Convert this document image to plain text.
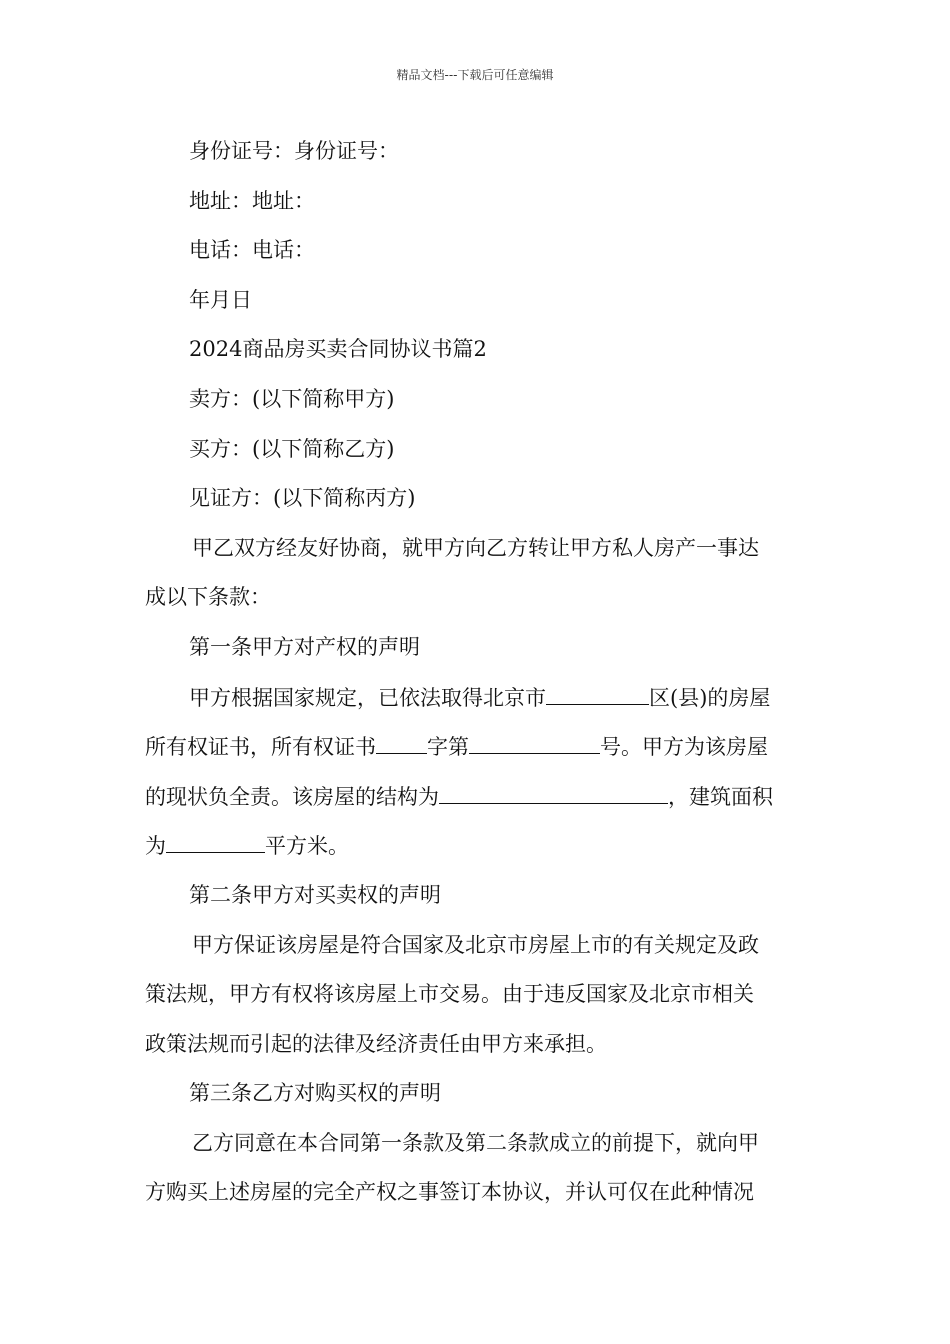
精品文档---下载后可任意编辑
身份证号：身份证号：
地址：地址：
电话：电话：
年月日
2024商品房买卖合同协议书篇2
卖方：(以下简称甲方)
买方：(以下简称乙方)
见证方：(以下简称丙方)
甲乙双方经友好协商，就甲方向乙方转让甲方私人房产一事达
成以下条款：
第一条甲方对产权的声明
甲方根据国家规定，已依法取得北京市	区(县)的房屋
所有权证书，所有权证书 字第	号。甲方为该房屋
的现状负全责。该房屋的结构为	，建筑面积
为	平方米。
第二条甲方对买卖权的声明
甲方保证该房屋是符合国家及北京市房屋上市的有关规定及政
策法规，甲方有权将该房屋上市交易。由于违反国家及北京市相关
政策法规而引起的法律及经济责任由甲方来承担。
第三条乙方对购买权的声明
乙方同意在本合同第一条款及第二条款成立的前提下，就向甲
方购买上述房屋的完全产权之事签订本协议，并认可仅在此种情况
